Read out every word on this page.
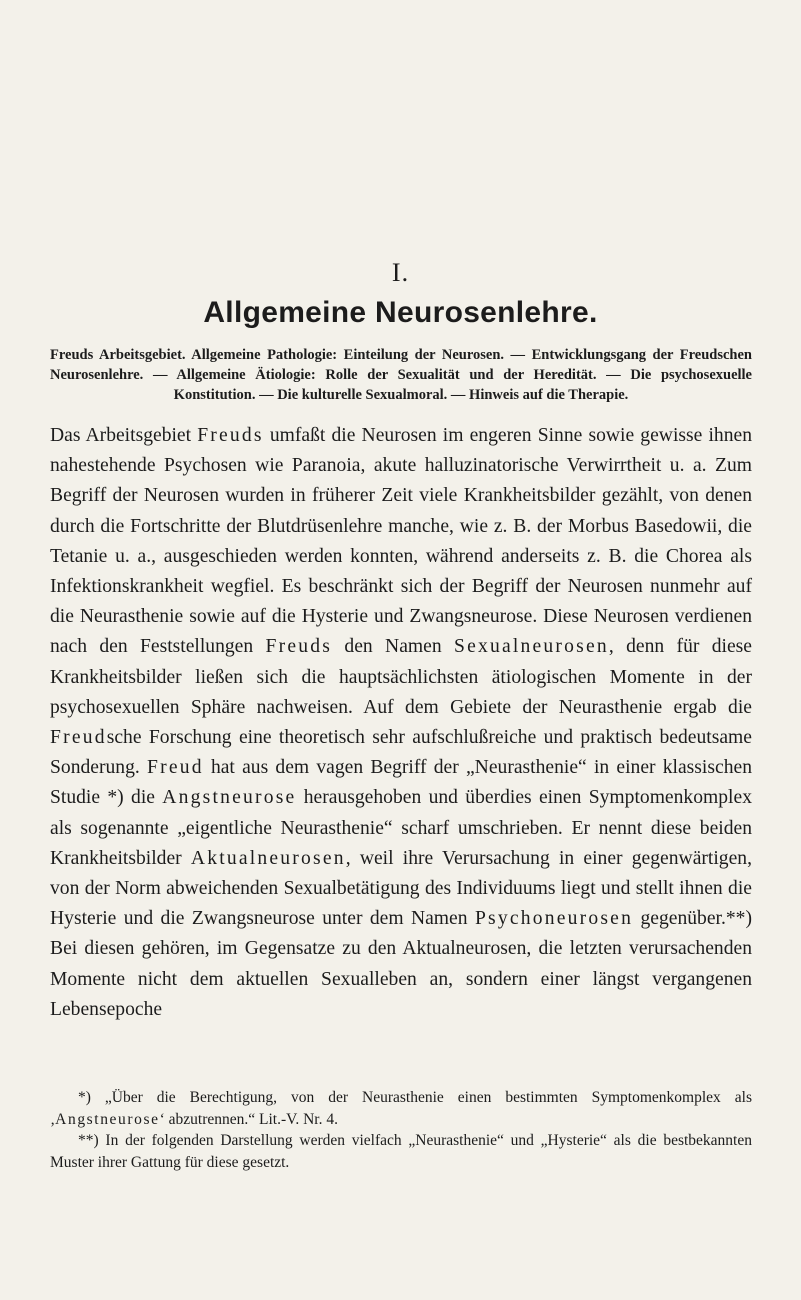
I.
Allgemeine Neurosenlehre.
Freuds Arbeitsgebiet. Allgemeine Pathologie: Einteilung der Neurosen. — Entwicklungsgang der Freudschen Neurosenlehre. — Allgemeine Ätiologie: Rolle der Sexualität und der Heredität. — Die psychosexuelle Konstitution. — Die kulturelle Sexualmoral. — Hinweis auf die Therapie.

Das Arbeitsgebiet Freuds umfaßt die Neurosen im engeren Sinne sowie gewisse ihnen nahestehende Psychosen wie Paranoia, akute halluzinatorische Verwirrtheit u. a. Zum Begriff der Neurosen wurden in früherer Zeit viele Krankheitsbilder gezählt, von denen durch die Fortschritte der Blutdrüsenlehre manche, wie z. B. der Morbus Basedowii, die Tetanie u. a., ausgeschieden werden konnten, während anderseits z. B. die Chorea als Infektionskrankheit wegfiel. Es beschränkt sich der Begriff der Neurosen nunmehr auf die Neurasthenie sowie auf die Hysterie und Zwangsneurose. Diese Neurosen verdienen nach den Feststellungen Freuds den Namen Sexualneurosen, denn für diese Krankheitsbilder ließen sich die hauptsächlichsten ätiologischen Momente in der psychosexuellen Sphäre nachweisen. Auf dem Gebiete der Neurasthenie ergab die Freudsche Forschung eine theoretisch sehr aufschlußreiche und praktisch bedeutsame Sonderung. Freud hat aus dem vagen Begriff der „Neurasthenie“ in einer klassischen Studie *) die Angstneurose herausgehoben und überdies einen Symptomenkomplex als sogenannte „eigentliche Neurasthenie“ scharf umschrieben. Er nennt diese beiden Krankheitsbilder Aktualneurosen, weil ihre Verursachung in einer gegenwärtigen, von der Norm abweichenden Sexualbetätigung des Individuums liegt und stellt ihnen die Hysterie und die Zwangsneurose unter dem Namen Psychoneurosen gegenüber.**) Bei diesen gehören, im Gegensatze zu den Aktualneurosen, die letzten verursachenden Momente nicht dem aktuellen Sexualleben an, sondern einer längst vergangenen Lebensepoche

*) „Über die Berechtigung, von der Neurasthenie einen bestimmten Symptomenkomplex als ‚Angstneurose‘ abzutrennen.“ Lit.-V. Nr. 4.

**) In der folgenden Darstellung werden vielfach „Neurasthenie“ und „Hysterie“ als die bestbekannten Muster ihrer Gattung für diese gesetzt.
